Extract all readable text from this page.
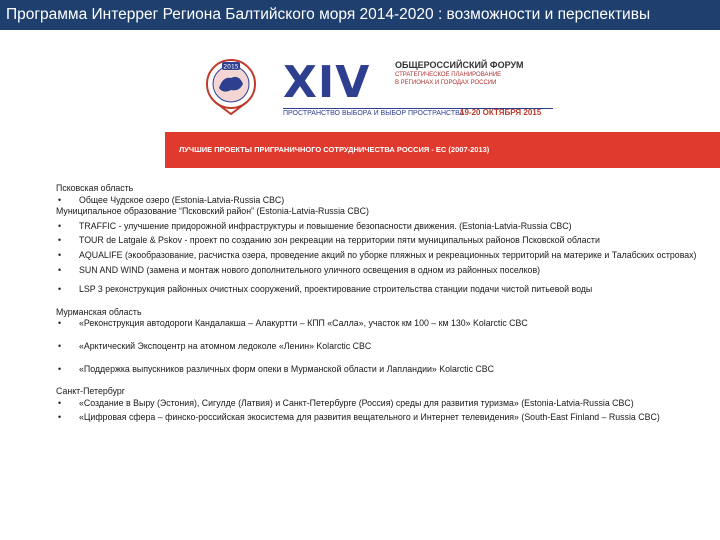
Программа Интеррег Региона Балтийского моря 2014-2020 : возможности и перспективы
2015 XIV	ОБЩЕРОССИЙСКИЙ ФОРУМ
СТРАТЕГИЧЕСКОЕ ПЛАНИРОВАНИЕ
В РЕГИОНАХ И ГОРОДАХ РОССИИ
ПРОСТРАНСТВО ВЫБОРА И ВЫБОР ПРОСТРАНСТВА
19-20 ОКТЯБРЯ 2015
ЛУЧШИЕ ПРОЕКТЫ ПРИГРАНИЧНОГО СОТРУДНИЧЕСТВА РОССИЯ - ЕС (2007-2013)

Псковская область

• Общее Чудское озеро (Estonia-Latvia-Russia CBC)

Муниципальное образование “Псковский район” (Estonia-Latvia-Russia CBC)

• TRAFFIC - улучшение придорожной инфраструктуры и повышение безопасности движения. (Estonia-Latvia-Russia CBC)
• TOUR de Latgale & Pskov - проект по созданию зон рекреации на территории пяти муниципальных районов Псковской области
• AQUALIFE (экообразование, расчистка озера, проведение акций по уборке пляжных и рекреационных территорий на материке и Талабских островах)
• SUN AND WIND (замена и монтаж нового дополнительного уличного освещения в одном из районных поселков)
• LSP 3 реконструкция районных очистных сооружений, проектирование строительства станции подачи чистой питьевой воды

Мурманская область

• «Реконструкция автодороги Кандалакша – Алакуртти – КПП «Салла», участок км 100 – км 130» Kolarctic CBC
• «Арктический Экспоцентр на атомном ледоколе «Ленин» Kolarctic CBC
• «Поддержка выпускников различных форм опеки в Мурманской области и Лапландии» Kolarctic CBC

Санкт-Петербург

• «Создание в Выру (Эстония), Сигулде (Латвия) и Санкт-Петербурге (Россия) среды для развития туризма» (Estonia-Latvia-Russia CBC)
• «Цифровая сфера – финско-российская экосистема для развития вещательного и Интернет телевидения» (South-East Finland – Russia CBC)
